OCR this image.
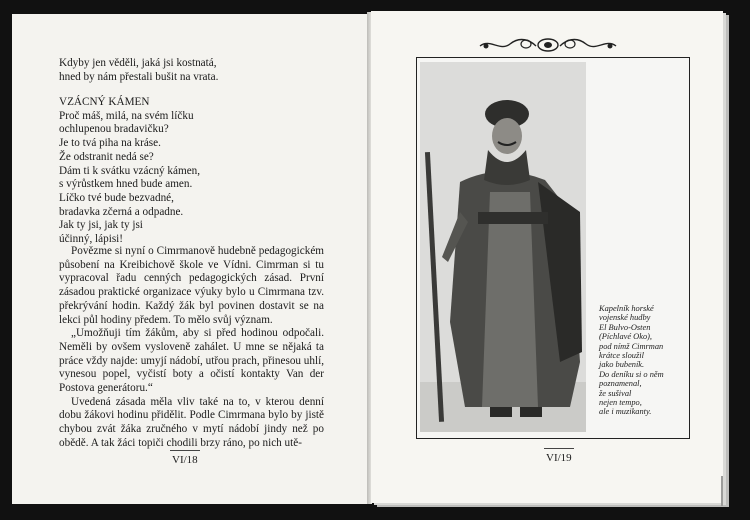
Kdyby jen věděli, jaká jsi kostnatá,
hned by nám přestali bušit na vrata.
VZÁCNÝ KÁMEN
Proč máš, milá, na svém líčku
ochlupenou bradavičku?
Je to tvá piha na kráse.
Že odstranit nedá se?
Dám ti k svátku vzácný kámen,
s výrůstkem hned bude amen.
Líčko tvé bude bezvadné,
bradavka zčerná a odpadne.
Jak ty jsi, jak ty jsi
účinný, lápisi!

Povězme si nyní o Cimrmanově hudebně pedagogickém působení na Kreibichově škole ve Vídni. Cimrman si tu vypracoval řadu cenných pedagogických zásad. První zásadou praktické organizace výuky bylo u Cimrmana tzv. překrývání hodin. Každý žák byl povinen dostavit se na lekci půl hodiny předem. To mělo svůj význam.

„Umožňuji tím žákům, aby si před hodinou odpočali. Neměli by ovšem vysloveně zahálet. U mne se nějaká ta práce vždy najde: umyjí nádobí, utřou prach, přinesou uhlí, vynesou popel, vyčistí boty a očistí kontakty Van der Postova generátoru.“

Uvedená zásada měla vliv také na to, v kterou denní dobu žákovi hodinu přidělit. Podle Cimrmana bylo by jistě chybou zvát žáka zručného v mytí nádobí jindy než po obědě. A tak žáci topiči chodili brzy ráno, po nich utě-

VI/18
Kapelník horské
vojenské hudby
El Bulvo-Osten
(Píchlavé Oko),
pod nímž Cimrman
krátce sloužil
jako bubeník.
Do deníku si o něm
poznamenal,
že sušival
nejen tempo,
ale i muzikanty.
VI/19
